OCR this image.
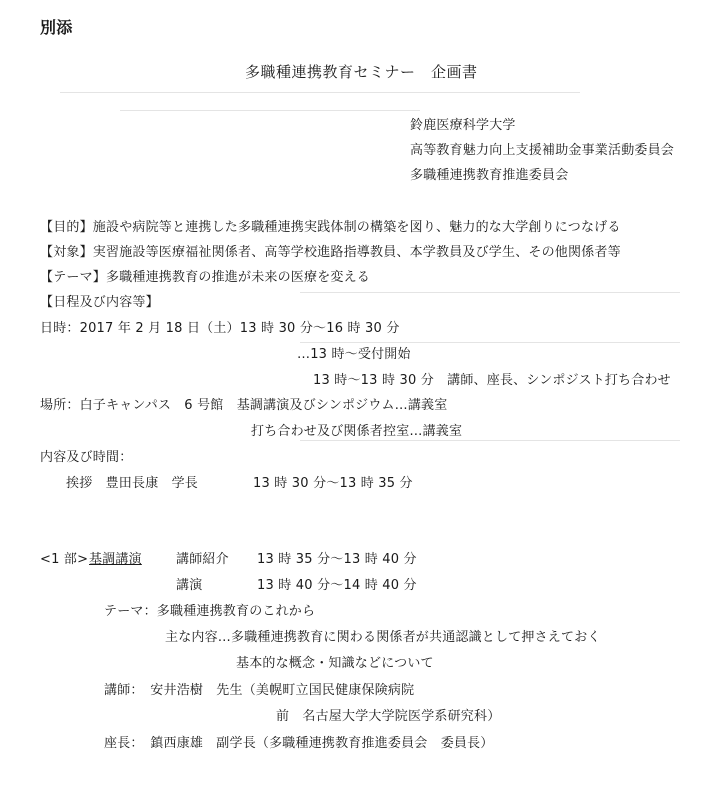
別添
多職種連携教育セミナー　企画書
鈴鹿医療科学大学
高等教育魅力向上支援補助金事業活動委員会
多職種連携教育推進委員会
【目的】施設や病院等と連携した多職種連携実践体制の構築を図り、魅力的な大学創りにつなげる
【対象】実習施設等医療福祉関係者、高等学校進路指導教員、本学教員及び学生、その他関係者等
【テーマ】多職種連携教育の推進が未来の医療を変える
【日程及び内容等】
日時：2017 年 2 月 18 日（土）13 時 30 分～16 時 30 分
…13 時～受付開始
13 時～13 時 30 分　講師、座長、シンポジスト打ち合わせ
場所：白子キャンパス　6 号館　基調講演及びシンポジウム…講義室
打ち合わせ及び関係者控室…講義室
内容及び時間：
挨拶　豊田長康　学長	13 時 30 分～13 時 35 分
<1 部> 基調講演	講師紹介 13 時 35 分～13 時 40 分
講演	13 時 40 分～14 時 40 分
テーマ：多職種連携教育のこれから
主な内容…多職種連携教育に関わる関係者が共通認識として押さえておく
基本的な概念・知識などについて
講師：　安井浩樹　先生（美幌町立国民健康保険病院
前　名古屋大学大学院医学系研究科）
座長：　鎮西康雄　副学長（多職種連携教育推進委員会　委員長）
